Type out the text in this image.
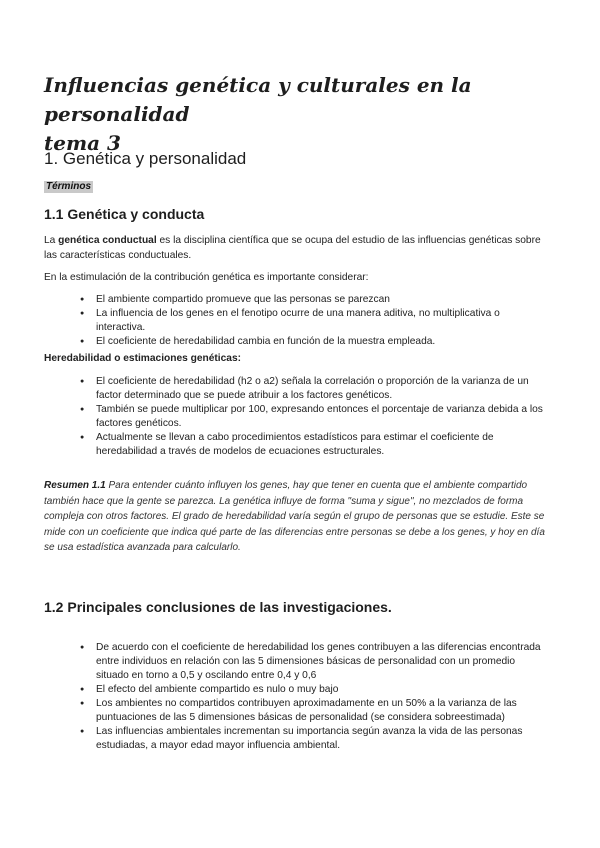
Influencias genética y culturales en la personalidad
tema 3
1. Genética y personalidad
Términos
1.1 Genética y conducta

La genética conductual es la disciplina científica que se ocupa del estudio de las influencias genéticas sobre las características conductuales.

En la estimulación de la contribución genética es importante considerar:

● El ambiente compartido promueve que las personas se parezcan
● La influencia de los genes en el fenotipo ocurre de una manera aditiva, no multiplicativa o interactiva.
● El coeficiente de heredabilidad cambia en función de la muestra empleada.
Heredabilidad o estimaciones genéticas:
● El coeficiente de heredabilidad (h2 o a2) señala la correlación o proporción de la varianza de un factor determinado que se puede atribuir a los factores genéticos.
● También se puede multiplicar por 100, expresando entonces el porcentaje de varianza debida a los factores genéticos.
● Actualmente se llevan a cabo procedimientos estadísticos para estimar el coeficiente de heredabilidad a través de modelos de ecuaciones estructurales.

Resumen 1.1 Para entender cuánto influyen los genes, hay que tener en cuenta que el ambiente compartido también hace que la gente se parezca. La genética influye de forma "suma y sigue", no mezclados de forma compleja con otros factores. El grado de heredabilidad varía según el grupo de personas que se estudie. Este se mide con un coeficiente que indica qué parte de las diferencias entre personas se debe a los genes, y hoy en día se usa estadística avanzada para calcularlo.

1.2 Principales conclusiones de las investigaciones.
● De acuerdo con el coeficiente de heredabilidad los genes contribuyen a las diferencias encontrada entre individuos en relación con las 5 dimensiones básicas de personalidad con un promedio situado en torno a 0,5 y oscilando entre 0,4 y 0,6
● El efecto del ambiente compartido es nulo o muy bajo
● Los ambientes no compartidos contribuyen aproximadamente en un 50% a la varianza de las puntuaciones de las 5 dimensiones básicas de personalidad (se considera sobreestimada)
● Las influencias ambientales incrementan su importancia según avanza la vida de las personas estudiadas, a mayor edad mayor influencia ambiental.
